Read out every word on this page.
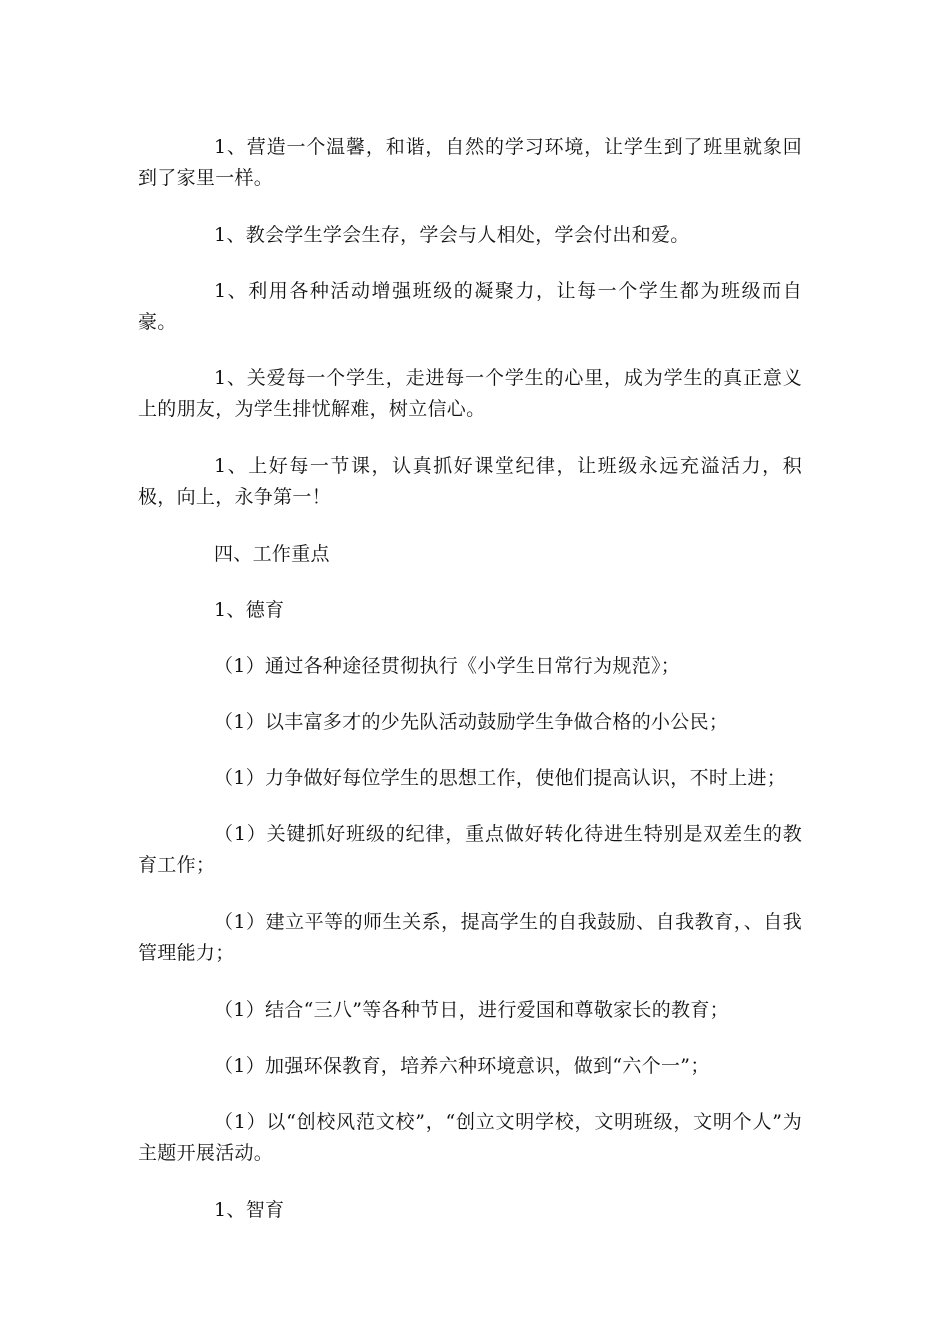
1、营造一个温馨，和谐，自然的学习环境，让学生到了班里就象回到了家里一样。

1、教会学生学会生存，学会与人相处，学会付出和爱。

1、利用各种活动增强班级的凝聚力，让每一个学生都为班级而自豪。

1、关爱每一个学生，走进每一个学生的心里，成为学生的真正意义上的朋友，为学生排忧解难，树立信心。

1、上好每一节课，认真抓好课堂纪律，让班级永远充溢活力，积极，向上，永争第一！

四、工作重点

1、德育

（1）通过各种途径贯彻执行《小学生日常行为规范》；

（1）以丰富多才的少先队活动鼓励学生争做合格的小公民；

（1）力争做好每位学生的思想工作，使他们提高认识，不时上进；

（1）关键抓好班级的纪律，重点做好转化待进生特别是双差生的教育工作；

（1）建立平等的师生关系，提高学生的自我鼓励、自我教育，、自我管理能力；

（1）结合“三八”等各种节日，进行爱国和尊敬家长的教育；

（1）加强环保教育，培养六种环境意识，做到“六个一”；

（1）以“创校风范文校”，“创立文明学校，文明班级，文明个人”为主题开展活动。

1、智育
